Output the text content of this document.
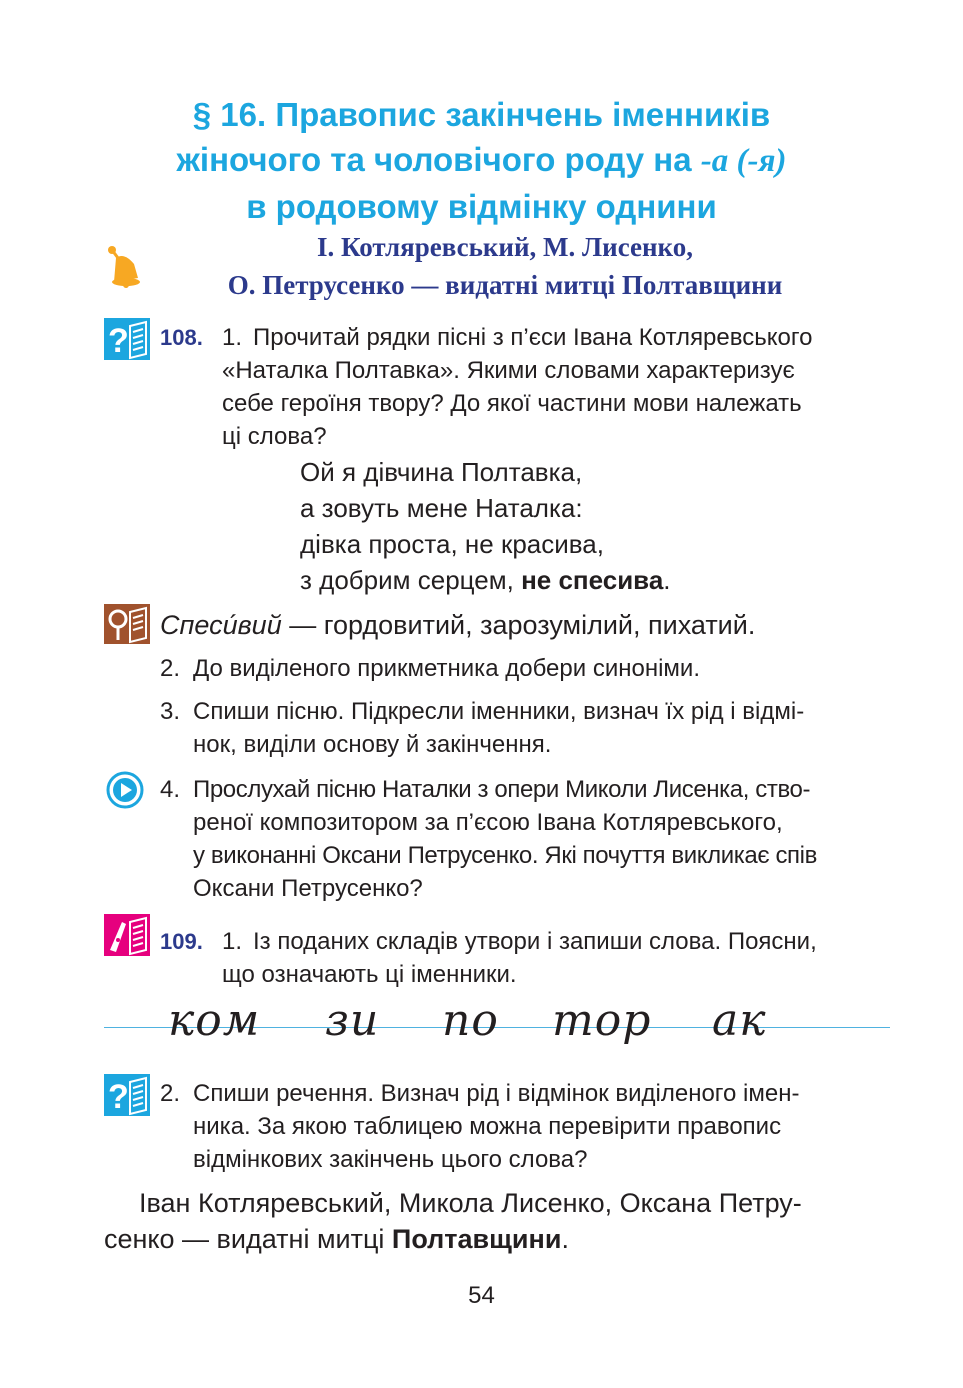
§ 16. Правопис закінчень іменників
жіночого та чоловічого роду на -а (-я)
в родовому відмінку однини
І. Котляревський, М. Лисенко,
О. Петрусенко — видатні митці Полтавщини
? 108. 1. Прочитай рядки пісні з п’єси Івана Котляревського
«Наталка Полтавка». Якими словами характеризує
себе героїня твору? До якої частини мови належать
ці слова?
Ой я дівчина Полтавка,
а зовуть мене Наталка:
дівка проста, не красива,
з добрим серцем, не спесива.
Спеси́вий — гордовитий, зарозумілий, пихатий.
2. До виділеного прикметника добери синоніми.
3. Спиши пісню. Підкресли іменники, визнач їх рід і відмі-
нок, виділи основу й закінчення.
4. Прослухай пісню Наталки з опери Миколи Лисенка, ство-
реної композитором за п’єсою Івана Котляревського,
у виконанні Оксани Петрусенко. Які почуття викликає спів
Оксани Петрусенко?
109. 1. Із поданих складів утвори і запиши слова. Поясни,
що означають ці іменники.
ком зи по тор ак
? 2. Спиши речення. Визнач рід і відмінок виділеного імен-
ника. За якою таблицею можна перевірити правопис
відмінкових закінчень цього слова?
Іван Котляревський, Микола Лисенко, Оксана Петру-
сенко — видатні митці Полтавщини.
54
